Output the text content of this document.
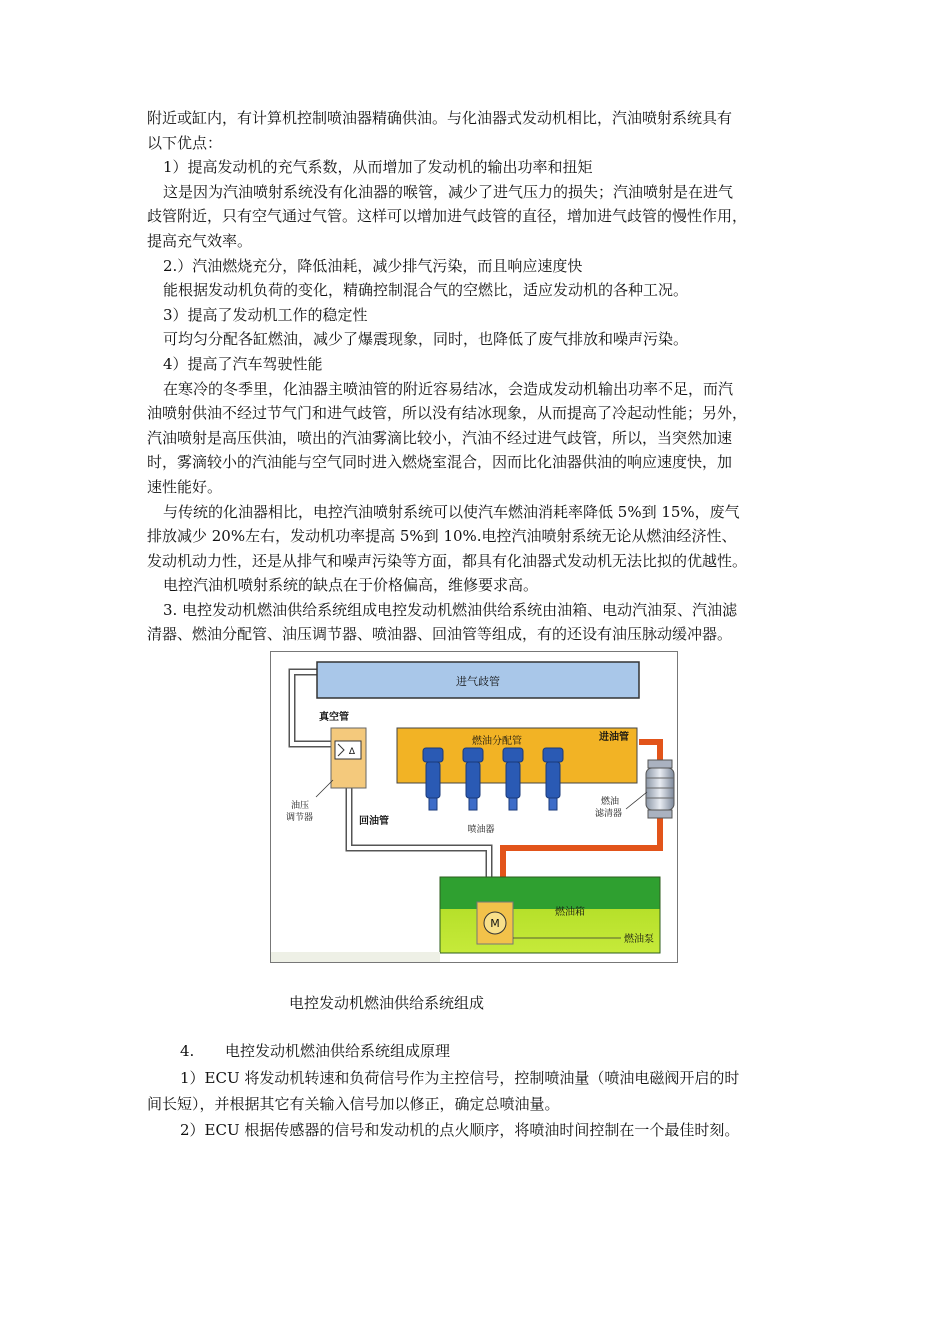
附近或缸内，有计算机控制喷油器精确供油。与化油器式发动机相比，汽油喷射系统具有
以下优点：

1）提高发动机的充气系数，从而增加了发动机的输出功率和扭矩

这是因为汽油喷射系统没有化油器的喉管，减少了进气压力的损失；汽油喷射是在进气
歧管附近，只有空气通过气管。这样可以增加进气歧管的直径，增加进气歧管的慢性作用，
提高充气效率。

2.）汽油燃烧充分，降低油耗，减少排气污染，而且响应速度快

能根据发动机负荷的变化，精确控制混合气的空燃比，适应发动机的各种工况。

3）提高了发动机工作的稳定性

可均匀分配各缸燃油，减少了爆震现象，同时，也降低了废气排放和噪声污染。

4）提高了汽车驾驶性能

在寒冷的冬季里，化油器主喷油管的附近容易结冰，会造成发动机输出功率不足，而汽
油喷射供油不经过节气门和进气歧管，所以没有结冰现象，从而提高了冷起动性能；另外，
汽油喷射是高压供油，喷出的汽油雾滴比较小，汽油不经过进气歧管，所以，当突然加速
时，雾滴较小的汽油能与空气同时进入燃烧室混合，因而比化油器供油的响应速度快，加
速性能好。

与传统的化油器相比，电控汽油喷射系统可以使汽车燃油消耗率降低 5%到 15%，废气
排放减少 20%左右，发动机功率提高 5%到 10%.电控汽油喷射系统无论从燃油经济性、
发动机动力性，还是从排气和噪声污染等方面，都具有化油器式发动机无法比拟的优越性。

电控汽油机喷射系统的缺点在于价格偏高，维修要求高。

3. 电控发动机燃油供给系统组成电控发动机燃油供给系统由油箱、电动汽油泵、汽油滤
清器、燃油分配管、油压调节器、喷油器、回油管等组成，有的还设有油压脉动缓冲器。

进气歧管
真空管
燃油分配管
Δ
油压
调节器	回油管
喷油器
进油管
燃油
滤清器
燃油箱
M
燃油泵
电控发动机燃油供给系统组成
4. 电控发动机燃油供给系统组成原理

1）ECU 将发动机转速和负荷信号作为主控信号，控制喷油量（喷油电磁阀开启的时
间长短），并根据其它有关输入信号加以修正，确定总喷油量。

2）ECU 根据传感器的信号和发动机的点火顺序，将喷油时间控制在一个最佳时刻。
